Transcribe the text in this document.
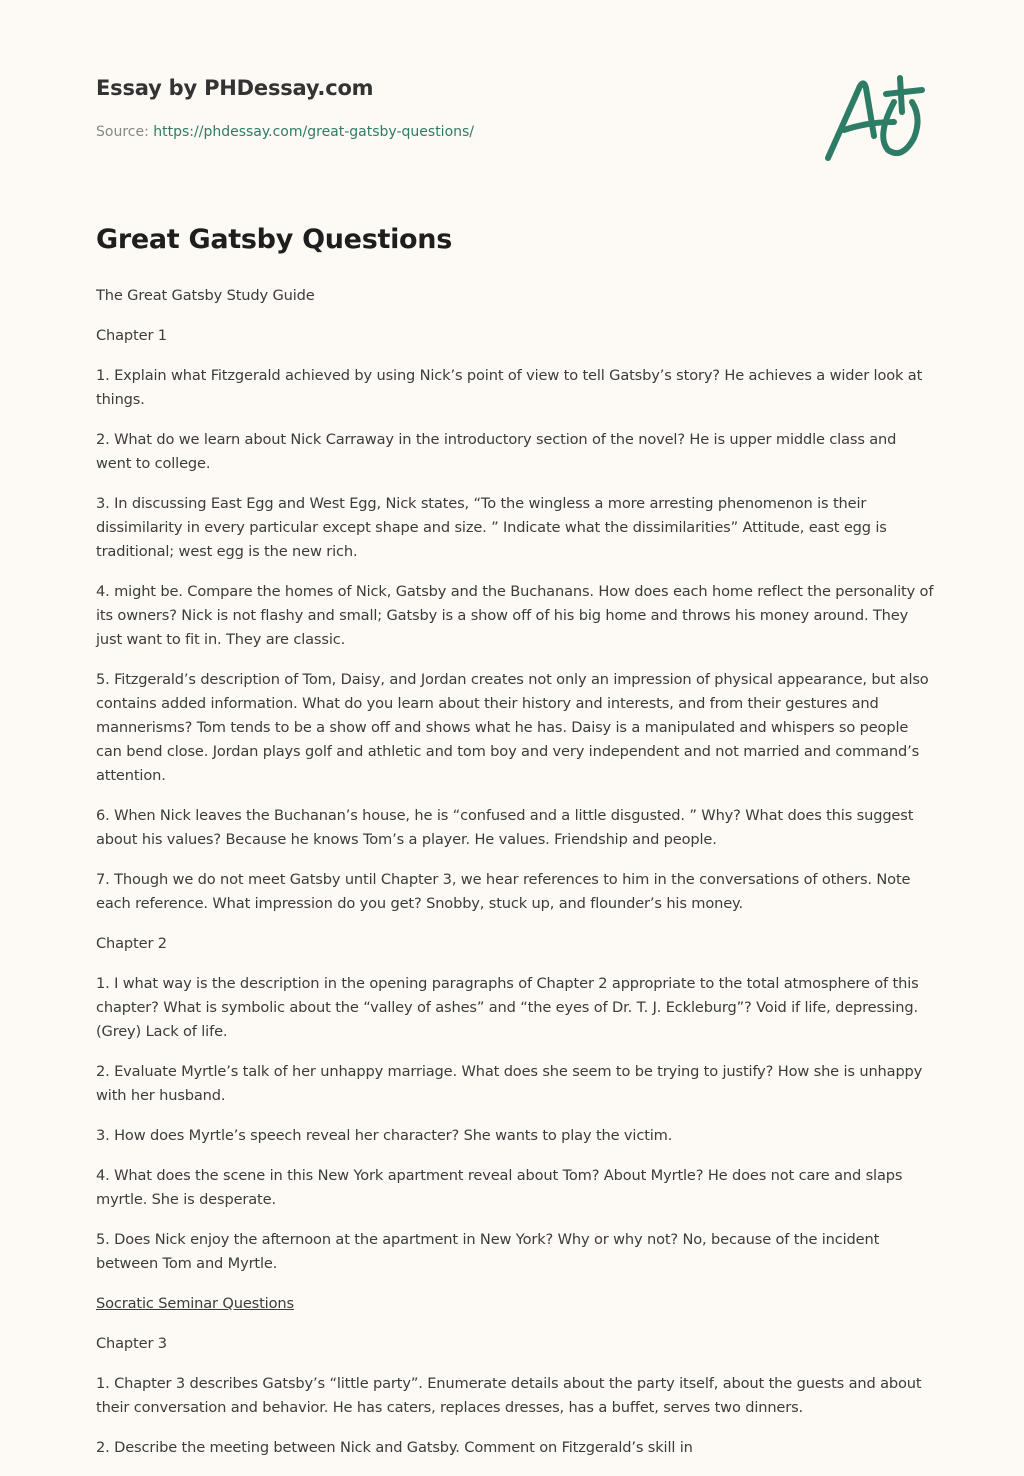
Essay by PHDessay.com
Source: https://phdessay.com/great-gatsby-questions/
Great Gatsby Questions

The Great Gatsby Study Guide

Chapter 1

1. Explain what Fitzgerald achieved by using Nick’s point of view to tell Gatsby’s story? He achieves a wider look at things.

2. What do we learn about Nick Carraway in the introductory section of the novel? He is upper middle class and went to college.

3. In discussing East Egg and West Egg, Nick states, “To the wingless a more arresting phenomenon is their dissimilarity in every particular except shape and size. ” Indicate what the dissimilarities” Attitude, east egg is traditional; west egg is the new rich.

4. might be. Compare the homes of Nick, Gatsby and the Buchanans. How does each home reflect the personality of its owners? Nick is not flashy and small; Gatsby is a show off of his big home and throws his money around. They just want to fit in. They are classic.

5. Fitzgerald’s description of Tom, Daisy, and Jordan creates not only an impression of physical appearance, but also contains added information. What do you learn about their history and interests, and from their gestures and mannerisms? Tom tends to be a show off and shows what he has. Daisy is a manipulated and whispers so people can bend close. Jordan plays golf and athletic and tom boy and very independent and not married and command’s attention.

6. When Nick leaves the Buchanan’s house, he is “confused and a little disgusted. ” Why? What does this suggest about his values? Because he knows Tom’s a player. He values. Friendship and people.

7. Though we do not meet Gatsby until Chapter 3, we hear references to him in the conversations of others. Note each reference. What impression do you get? Snobby, stuck up, and flounder’s his money.

Chapter 2

1. I what way is the description in the opening paragraphs of Chapter 2 appropriate to the total atmosphere of this chapter? What is symbolic about the “valley of ashes” and “the eyes of Dr. T. J. Eckleburg”? Void if life, depressing. (Grey) Lack of life.

2. Evaluate Myrtle’s talk of her unhappy marriage. What does she seem to be trying to justify? How she is unhappy with her husband.

3. How does Myrtle’s speech reveal her character? She wants to play the victim.

4. What does the scene in this New York apartment reveal about Tom? About Myrtle? He does not care and slaps myrtle. She is desperate.

5. Does Nick enjoy the afternoon at the apartment in New York? Why or why not? No, because of the incident between Tom and Myrtle.

Socratic Seminar Questions

Chapter 3

1. Chapter 3 describes Gatsby’s “little party”. Enumerate details about the party itself, about the guests and about their conversation and behavior. He has caters, replaces dresses, has a buffet, serves two dinners.

2. Describe the meeting between Nick and Gatsby. Comment on Fitzgerald’s skill in
